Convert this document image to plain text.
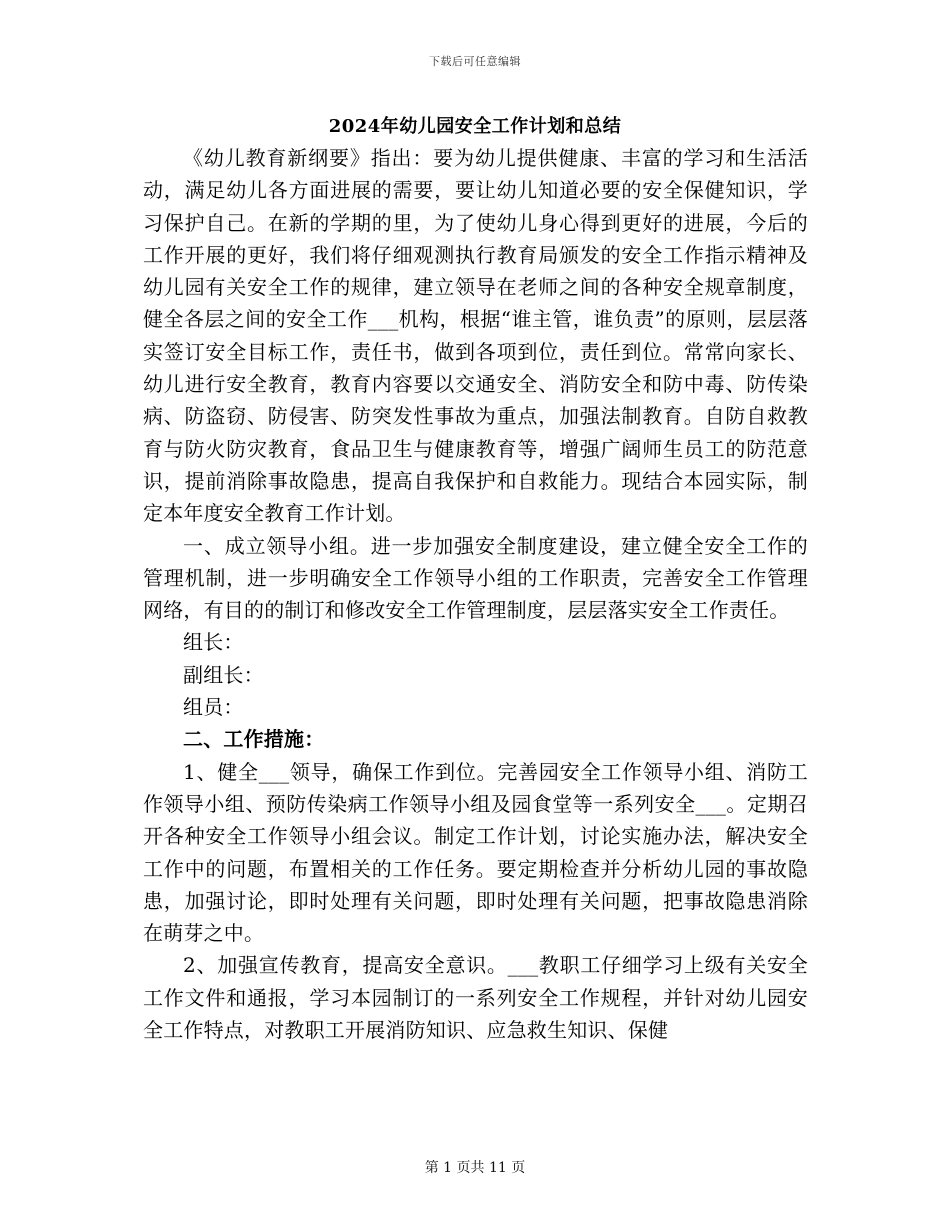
下载后可任意编辑
2024年幼儿园安全工作计划和总结

《幼儿教育新纲要》指出：要为幼儿提供健康、丰富的学习和生活活动，满足幼儿各方面进展的需要，要让幼儿知道必要的安全保健知识，学习保护自己。在新的学期的里，为了使幼儿身心得到更好的进展，今后的工作开展的更好，我们将仔细观测执行教育局颁发的安全工作指示精神及幼儿园有关安全工作的规律，建立领导在老师之间的各种安全规章制度，健全各层之间的安全工作___机构，根据“谁主管，谁负责”的原则，层层落实签订安全目标工作，责任书，做到各项到位，责任到位。常常向家长、幼儿进行安全教育，教育内容要以交通安全、消防安全和防中毒、防传染病、防盗窃、防侵害、防突发性事故为重点，加强法制教育。自防自救教育与防火防灾教育，食品卫生与健康教育等，增强广阔师生员工的防范意识，提前消除事故隐患，提高自我保护和自救能力。现结合本园实际，制定本年度安全教育工作计划。

一、成立领导小组。进一步加强安全制度建设，建立健全安全工作的管理机制，进一步明确安全工作领导小组的工作职责，完善安全工作管理网络，有目的的制订和修改安全工作管理制度，层层落实安全工作责任。

组长：

副组长：

组员：

二、工作措施：

1、健全___领导，确保工作到位。完善园安全工作领导小组、消防工作领导小组、预防传染病工作领导小组及园食堂等一系列安全___。定期召开各种安全工作领导小组会议。制定工作计划，讨论实施办法，解决安全工作中的问题，布置相关的工作任务。要定期检查并分析幼儿园的事故隐患，加强讨论，即时处理有关问题，即时处理有关问题，把事故隐患消除在萌芽之中。

2、加强宣传教育，提高安全意识。___教职工仔细学习上级有关安全工作文件和通报，学习本园制订的一系列安全工作规程，并针对幼儿园安全工作特点，对教职工开展消防知识、应急救生知识、保健

第 1 页共 11 页
